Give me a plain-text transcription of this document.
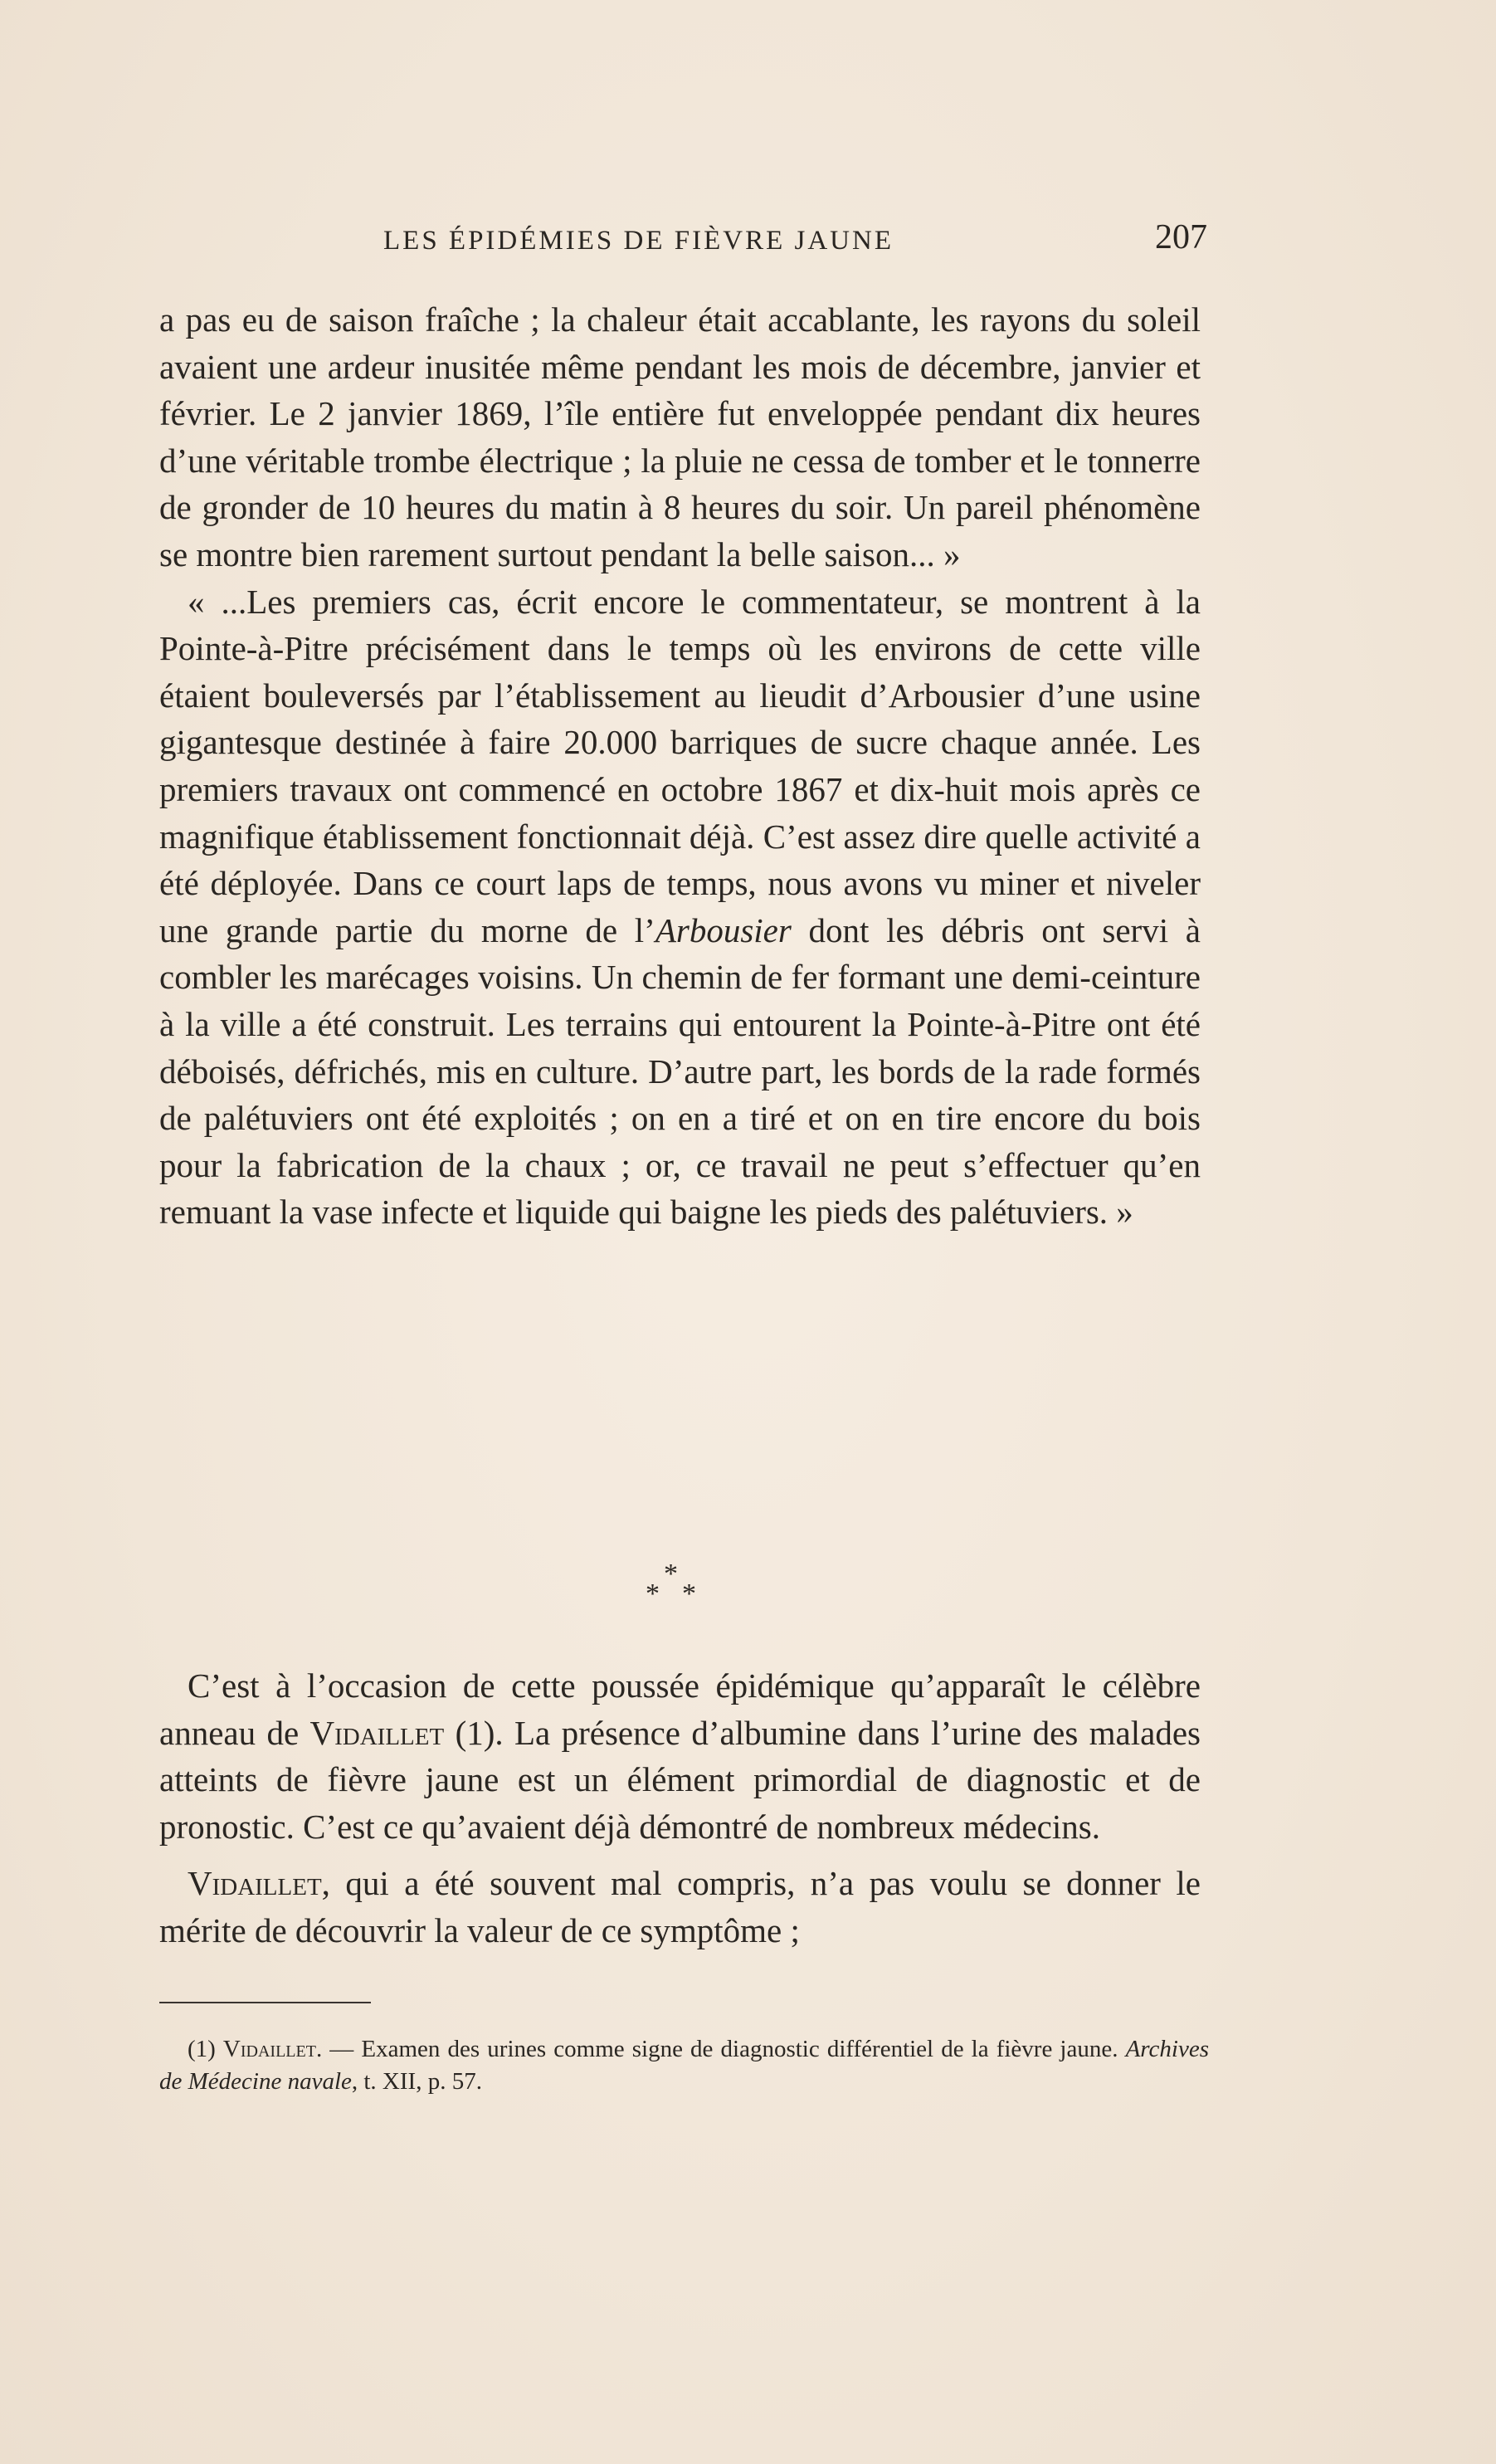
LES ÉPIDÉMIES DE FIÈVRE JAUNE	207

a pas eu de saison fraîche ; la chaleur était accablante, les rayons du soleil avaient une ardeur inusitée même pendant les mois de décembre, janvier et février. Le 2 janvier 1869, l’île entière fut enveloppée pendant dix heures d’une véritable trombe électrique ; la pluie ne cessa de tomber et le tonnerre de gronder de 10 heures du matin à 8 heures du soir. Un pareil phénomène se montre bien rarement surtout pendant la belle saison... »

« ...Les premiers cas, écrit encore le commentateur, se montrent à la Pointe-à-Pitre précisément dans le temps où les environs de cette ville étaient bouleversés par l’établissement au lieudit d’Arbousier d’une usine gigantesque destinée à faire 20.000 barriques de sucre chaque année. Les premiers travaux ont commencé en octobre 1867 et dix-huit mois après ce magnifique établissement fonctionnait déjà. C’est assez dire quelle activité a été déployée. Dans ce court laps de temps, nous avons vu miner et niveler une grande partie du morne de l’Arbousier dont les débris ont servi à combler les marécages voisins. Un chemin de fer formant une demi-ceinture à la ville a été construit. Les terrains qui entourent la Pointe-à-Pitre ont été déboisés, défrichés, mis en culture. D’autre part, les bords de la rade formés de palétuviers ont été exploités ; on en a tiré et on en tire encore du bois pour la fabrication de la chaux ; or, ce travail ne peut s’effectuer qu’en remuant la vase infecte et liquide qui baigne les pieds des palétuviers. »

*
* *

C’est à l’occasion de cette poussée épidémique qu’apparaît le célèbre anneau de Vidaillet (1). La présence d’albumine dans l’urine des malades atteints de fièvre jaune est un élément primordial de diagnostic et de pronostic. C’est ce qu’avaient déjà démontré de nombreux médecins.

Vidaillet, qui a été souvent mal compris, n’a pas voulu se donner le mérite de découvrir la valeur de ce symptôme ;

(1) Vidaillet. — Examen des urines comme signe de diagnostic différentiel de la fièvre jaune. Archives de Médecine navale, t. XII, p. 57.
